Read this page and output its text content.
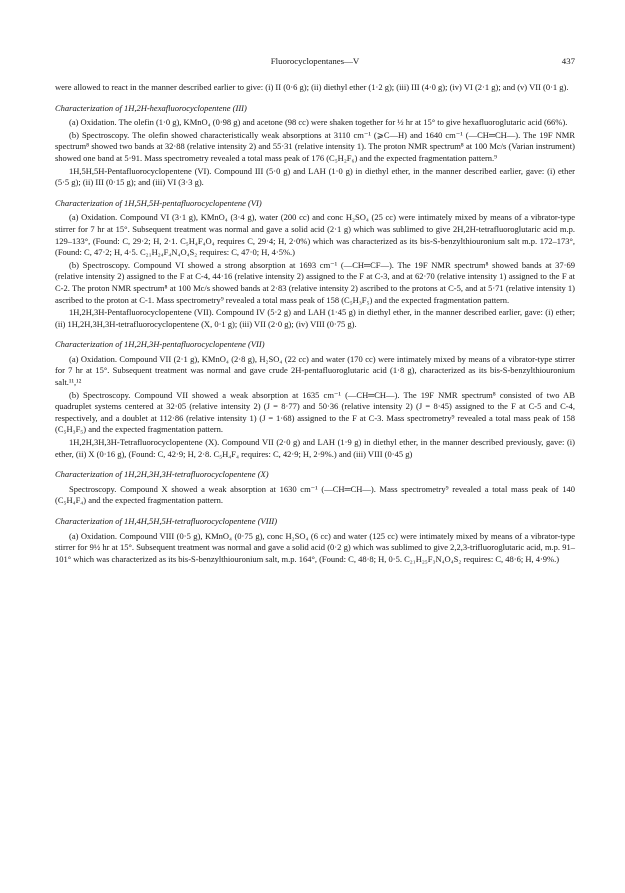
Fluorocyclopentanes—V	437

were allowed to react in the manner described earlier to give: (i) II (0·6 g); (ii) diethyl ether (1·2 g); (iii) III (4·0 g); (iv) VI (2·1 g); and (v) VII (0·1 g).

Characterization of 1H,2H-hexafluorocyclopentene (III)

(a) Oxidation. The olefin (1·0 g), KMnO₄ (0·98 g) and acetone (98 cc) were shaken together for ½ hr at 15° to give hexafluoroglutaric acid (66%).

(b) Spectroscopy. The olefin showed characteristically weak absorptions at 3110 cm⁻¹ (⩾C—H) and 1640 cm⁻¹ (—CH═CH—). The 19F NMR spectrum⁸ showed two bands at 32·88 (relative intensity 2) and 55·31 (relative intensity 1). The proton NMR spectrum⁸ at 100 Mc/s (Varian instrument) showed one band at 5·91. Mass spectrometry revealed a total mass peak of 176 (C₅H₂F₆) and the expected fragmentation pattern.⁹

1H,5H,5H-Pentafluorocyclopentene (VI). Compound III (5·0 g) and LAH (1·0 g) in diethyl ether, in the manner described earlier, gave: (i) ether (5·5 g); (ii) III (0·15 g); and (iii) VI (3·3 g).

Characterization of 1H,5H,5H-pentafluorocyclopentene (VI)

(a) Oxidation. Compound VI (3·1 g), KMnO₄ (3·4 g), water (200 cc) and conc H₂SO₄ (25 cc) were intimately mixed by means of a vibrator-type stirrer for 7 hr at 15°. Subsequent treatment was normal and gave a solid acid (2·1 g) which was sublimed to give 2H,2H-tetrafluoroglutaric acid m.p. 129–133°, (Found: C, 29·2; H, 2·1. C₅H₄F₄O₄ requires C, 29·4; H, 2·0%) which was characterized as its bis-S-benzylthiouronium salt m.p. 172–173°, (Found: C, 47·2; H, 4·5. C₂₁H₂₄F₄N₄O₄S₂ requires: C, 47·0; H, 4·5%.)

(b) Spectroscopy. Compound VI showed a strong absorption at 1693 cm⁻¹ (—CH═CF—). The 19F NMR spectrum⁸ showed bands at 37·69 (relative intensity 2) assigned to the F at C-4, 44·16 (relative intensity 2) assigned to the F at C-3, and at 62·70 (relative intensity 1) assigned to the F at C-2. The proton NMR spectrum⁸ at 100 Mc/s showed bands at 2·83 (relative intensity 2) ascribed to the protons at C-5, and at 5·71 (relative intensity 1) ascribed to the proton at C-1. Mass spectrometry⁹ revealed a total mass peak of 158 (C₅H₃F₅) and the expected fragmentation pattern.

1H,2H,3H-Pentafluorocyclopentene (VII). Compound IV (5·2 g) and LAH (1·45 g) in diethyl ether, in the manner described earlier, gave: (i) ether; (ii) 1H,2H,3H,3H-tetrafluorocyclopentene (X, 0·1 g); (iii) VII (2·0 g); (iv) VIII (0·75 g).

Characterization of 1H,2H,3H-pentafluorocyclopentene (VII)

(a) Oxidation. Compound VII (2·1 g), KMnO₄ (2·8 g), H₂SO₄ (22 cc) and water (170 cc) were intimately mixed by means of a vibrator-type stirrer for 7 hr at 15°. Subsequent treatment was normal and gave crude 2H-pentafluoroglutaric acid (1·8 g), characterized as its bis-S-benzylthiouronium salt.¹¹,¹²

(b) Spectroscopy. Compound VII showed a weak absorption at 1635 cm⁻¹ (—CH═CH—). The 19F NMR spectrum⁸ consisted of two AB quadruplet systems centered at 32·05 (relative intensity 2) (J = 8·77) and 50·36 (relative intensity 2) (J = 8·45) assigned to the F at C-5 and C-4, respectively, and a doublet at 112·86 (relative intensity 1) (J = 1·68) assigned to the F at C-3. Mass spectrometry⁹ revealed a total mass peak of 158 (C₅H₃F₅) and the expected fragmentation pattern.

1H,2H,3H,3H-Tetrafluorocyclopentene (X). Compound VII (2·0 g) and LAH (1·9 g) in diethyl ether, in the manner described previously, gave: (i) ether, (ii) X (0·16 g), (Found: C, 42·9; H, 2·8. C₅H₄F₄ requires: C, 42·9; H, 2·9%.) and (iii) VIII (0·45 g)

Characterization of 1H,2H,3H,3H-tetrafluorocyclopentene (X)

Spectroscopy. Compound X showed a weak absorption at 1630 cm⁻¹ (—CH═CH—). Mass spectrometry⁹ revealed a total mass peak of 140 (C₅H₄F₄) and the expected fragmentation pattern.

Characterization of 1H,4H,5H,5H-tetrafluorocyclopentene (VIII)

(a) Oxidation. Compound VIII (0·5 g), KMnO₄ (0·75 g), conc H₂SO₄ (6 cc) and water (125 cc) were intimately mixed by means of a vibrator-type stirrer for 9½ hr at 15°. Subsequent treatment was normal and gave a solid acid (0·2 g) which was sublimed to give 2,2,3-trifluoroglutaric acid, m.p. 91–101° which was characterized as its bis-S-benzylthiouronium salt, m.p. 164°, (Found: C, 48·8; H, 0·5. C₂₁H₂₅F₃N₄O₄S₂ requires: C, 48·6; H, 4·9%.)
